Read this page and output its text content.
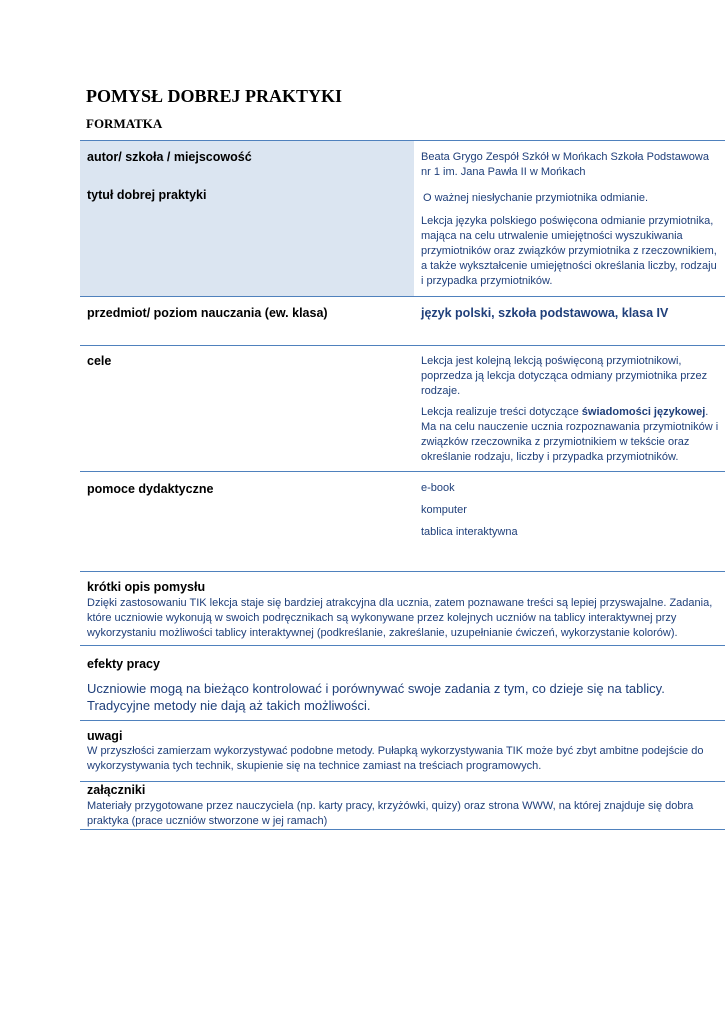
POMYSŁ DOBREJ PRAKTYKI
FORMATKA
autor/ szkoła / miejscowość	Beata Grygo Zespół Szkół w Mońkach Szkoła Podstawowa nr 1 im. Jana Pawła II w Mońkach
tytuł dobrej praktyki	O ważnej niesłychanie przymiotnika odmianie.
Lekcja języka polskiego poświęcona odmianie przymiotnika, mająca na celu utrwalenie umiejętności wyszukiwania przymiotników oraz związków przymiotnika z rzeczownikiem, a także wykształcenie umiejętności określania liczby, rodzaju i przypadka przymiotników.
przedmiot/ poziom nauczania (ew. klasa)	język polski, szkoła podstawowa, klasa IV
cele	Lekcja jest kolejną lekcją poświęconą przymiotnikowi, poprzedza ją lekcja dotycząca odmiany przymiotnika przez rodzaje.
Lekcja realizuje treści dotyczące świadomości językowej. Ma na celu nauczenie ucznia rozpoznawania przymiotników i związków rzeczownika z przymiotnikiem w tekście oraz określanie rodzaju, liczby i przypadka przymiotników.
pomoce dydaktyczne	e-book
komputer
tablica interaktywna
krótki opis pomysłu
Dzięki zastosowaniu TIK lekcja staje się bardziej atrakcyjna dla ucznia, zatem poznawane treści są lepiej przyswajalne. Zadania, które uczniowie wykonują w swoich podręcznikach są wykonywane przez kolejnych uczniów na tablicy interaktywnej przy wykorzystaniu możliwości tablicy interaktywnej (podkreślanie, zakreślanie, uzupełnianie ćwiczeń, wykorzystanie kolorów).
efekty pracy
Uczniowie mogą na bieżąco kontrolować i porównywać swoje zadania z tym, co dzieje się na tablicy. Tradycyjne metody nie dają aż takich możliwości.
uwagi
W przyszłości zamierzam wykorzystywać podobne metody. Pułapką wykorzystywania TIK może być zbyt ambitne podejście do wykorzystywania tych technik, skupienie się na technice zamiast na treściach programowych.
załączniki
Materiały przygotowane przez nauczyciela (np. karty pracy, krzyżówki, quizy) oraz strona WWW, na której znajduje się dobra praktyka (prace uczniów stworzone w jej ramach)
